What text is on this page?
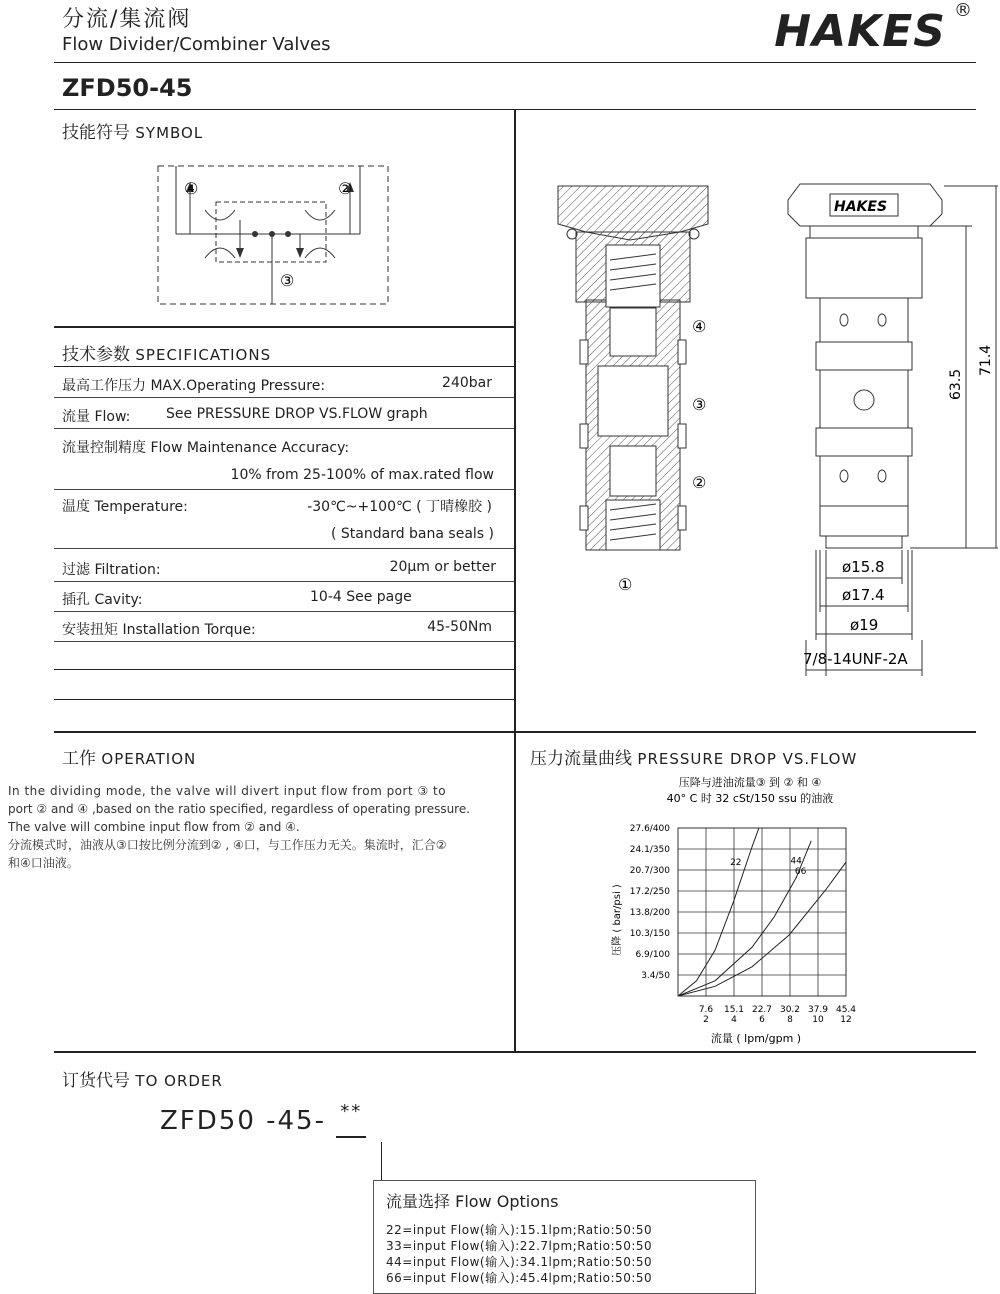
分流/集流阀
Flow Divider/Combiner Valves	HAKES ®
ZFD50-45
技能符号 SYMBOL
④	②
③
技术参数 SPECIFICATIONS
最高工作压力 MAX.Operating Pressure:	240bar
流量 Flow:	See PRESSURE DROP VS.FLOW graph
流量控制精度 Flow Maintenance Accuracy:
10% from 25-100% of max.rated flow
温度 Temperature:	-30℃~+100℃ ( 丁晴橡胶 )
( Standard bana seals )
过滤 Filtration:	20μm or better
插孔 Cavity:	10-4 See page
安装扭矩 Installation Torque:	45-50Nm
④
③
②
①
HAKES
63.5
71.4
ø15.8
ø17.4
ø19
7/8-14UNF-2A
工作 OPERATION
In the dividing mode, the valve will divert input flow from port ③ to
port ② and ④ ,based on the ratio specified, regardless of operating pressure.
The valve will combine input flow from ② and ④.
分流模式时，油液从③口按比例分流到② , ④口，与工作压力无关。集流时，汇合②
和④口油液。
压力流量曲线 PRESSURE DROP VS.FLOW
压降与进油流量③ 到 ② 和 ④
40° C 时 32 cSt/150 ssu 的油液
压降 ( bar/psi )
流量 ( lpm/gpm )
7.6
2
15.1
4
22.7
6
30.2
8
37.9
10
45.4
12
3.4/50
6.9/100
10.3/150
13.8/200
17.2/250
20.7/300
24.1/350
27.6/400
22	44
66
订货代号 TO ORDER
ZFD50 -45- **
流量选择 Flow Options
22=input Flow(输入):15.1lpm;Ratio:50:50
33=input Flow(输入):22.7lpm;Ratio:50:50
44=input Flow(输入):34.1lpm;Ratio:50:50
66=input Flow(输入):45.4lpm;Ratio:50:50
